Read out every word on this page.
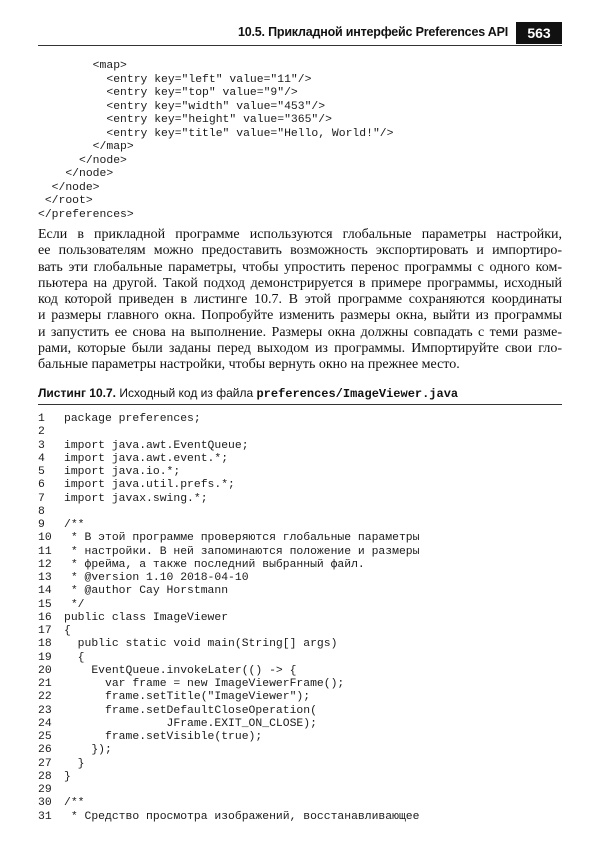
10.5. Прикладной интерфейс Preferences API	563
<map>
<entry key="left" value="11"/>
<entry key="top" value="9"/>
<entry key="width" value="453"/>
<entry key="height" value="365"/>
<entry key="title" value="Hello, World!"/>
</map>
</node>
</node>
</node>
</root>
</preferences>
Если в прикладной программе используются глобальные параметры настройки,
ее пользователям можно предоставить возможность экспортировать и импортиро-
вать эти глобальные параметры, чтобы упростить перенос программы с одного ком-
пьютера на другой. Такой подход демонстрируется в примере программы, исходный
код которой приведен в листинге 10.7. В этой программе сохраняются координаты
и размеры главного окна. Попробуйте изменить размеры окна, выйти из программы
и запустить ее снова на выполнение. Размеры окна должны совпадать с теми разме-
рами, которые были заданы перед выходом из программы. Импортируйте свои гло-
бальные параметры настройки, чтобы вернуть окно на прежнее место.
Листинг 10.7. Исходный код из файла preferences/ImageViewer.java
1	package preferences;
2
3	import java.awt.EventQueue;
4	import java.awt.event.*;
5	import java.io.*;
6	import java.util.prefs.*;
7	import javax.swing.*;
8
9	/**
10	* В этой программе проверяются глобальные параметры
11	* настройки. В ней запоминаются положение и размеры
12	* фрейма, а также последний выбранный файл.
13	* @version 1.10 2018-04-10
14	* @author Cay Horstmann
15	*/
16	public class ImageViewer
17	{
18	public static void main(String[] args)
19	{
20	EventQueue.invokeLater(() -> {
21	var frame = new ImageViewerFrame();
22	frame.setTitle("ImageViewer");
23	frame.setDefaultCloseOperation(
24	JFrame.EXIT_ON_CLOSE);
25	frame.setVisible(true);
26	});
27	}
28	}
29
30	/**
31	* Средство просмотра изображений, восстанавливающее
